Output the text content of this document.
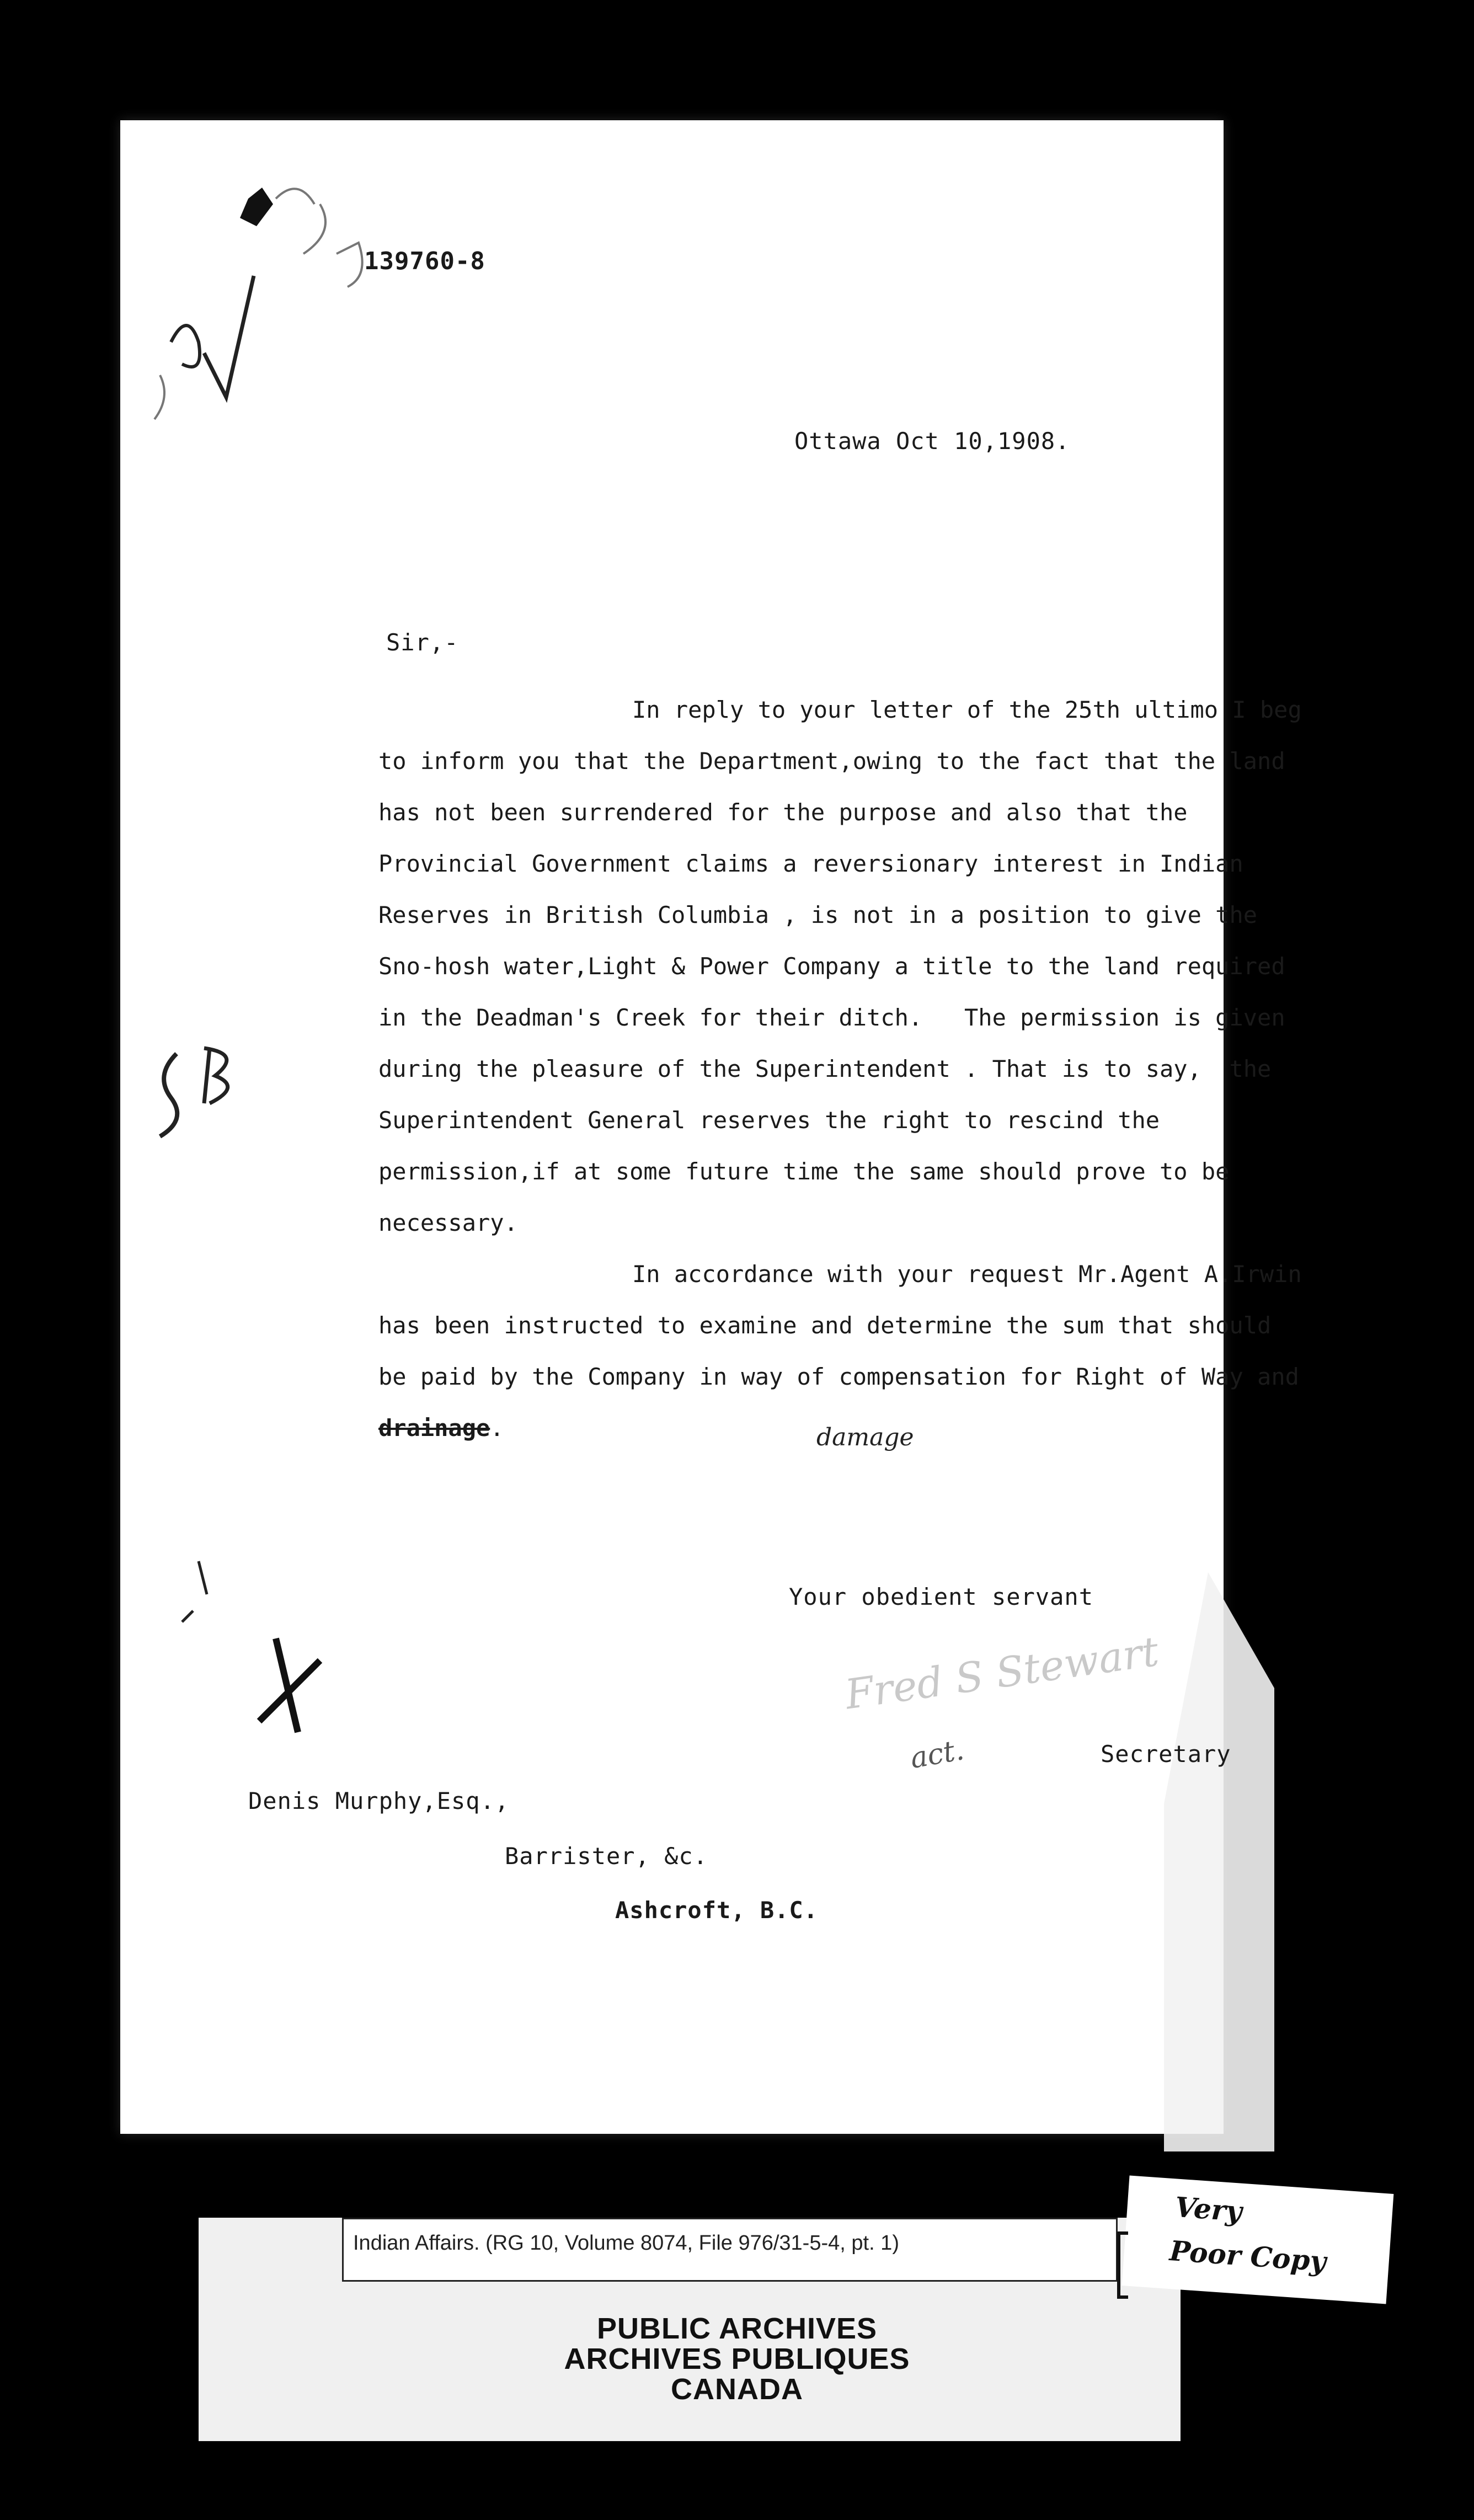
139760-8
Ottawa Oct 10,1908.
Sir,-

In reply to your letter of the 25th ultimo I beg to inform you that the Department,owing to the fact that the land has not been surrendered for the purpose and also that the  Provincial Government claims a reversionary interest in Indian Reserves in British Columbia , is not in a position to give the Sno-hosh water,Light & Power Company a title to the land required in the Deadman's Creek for their ditch.   The permission is given during the pleasure of the Superintendent . That is to say,  the Superintendent General reserves the right to rescind the permission,if at some future time the same should prove to be necessary.

In accordance with your request Mr.Agent A.Irwin has been instructed to examine and determine the sum that should be paid by the Company in way of compensation for Right of Way and drainage.	damage
Your obedient servant
Fred S Stewart
act.	Secretary
Denis Murphy,Esq.,
Barrister, &c.
Ashcroft, B.C.
Indian Affairs. (RG 10, Volume 8074, File 976/31-5-4, pt. 1)
PUBLIC ARCHIVES
ARCHIVES PUBLIQUES
CANADA
Very
Poor Copy
